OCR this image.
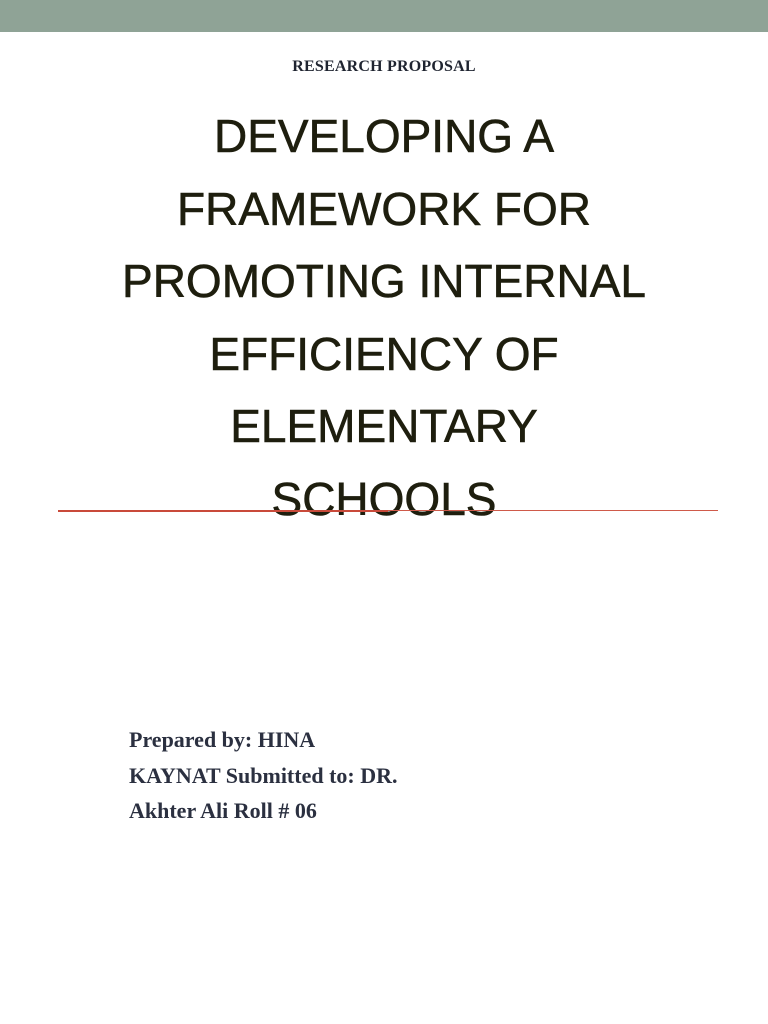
RESEARCH PROPOSAL
DEVELOPING A
FRAMEWORK FOR
PROMOTING INTERNAL
EFFICIENCY OF
ELEMENTARY
SCHOOLS
Prepared by: HINA
KAYNAT Submitted to: DR.
Akhter Ali Roll # 06
